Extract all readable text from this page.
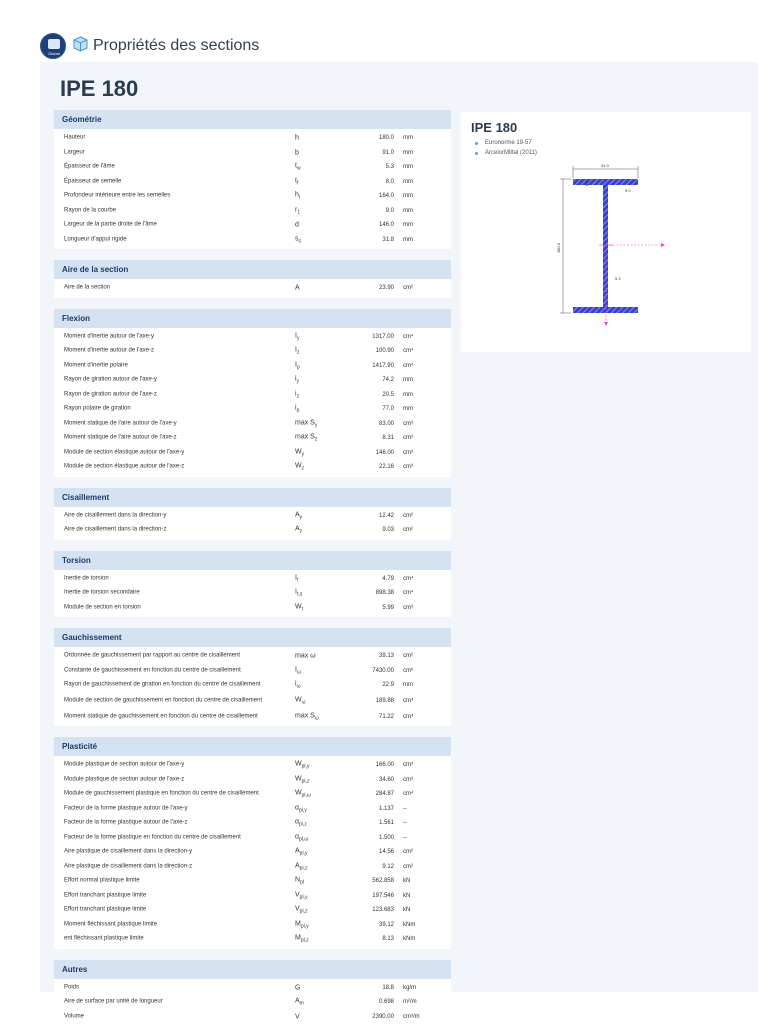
Dlubal	Propriétés des sections
IPE 180
Géométrie
Hauteur	h	180.0 mm
Largeur	b	91.0 mm
Épaisseur de l'âme	$t_w$	5.3 mm
Épaisseur de semelle	$t_f$	8.0 mm
Profondeur intérieure entre les semelles	$h_i$	164.0 mm
Rayon de la courbe	$r_1$	9.0 mm
Largeur de la partie droite de l'âme	d	146.0 mm
Longueur d'appui rigide	$s_s$	31.8 mm
Aire de la section
Aire de la section	A	23.90 cm²
Flexion
Moment d'inertie autour de l'axe-y	$I_y$	1317.00 cm⁴
Moment d'inertie autour de l'axe-z	$I_z$	100.90 cm⁴
Moment d'inertie polaire	$I_p$	1417.90 cm⁴
Rayon de giration autour de l'axe-y	$i_y$	74.2 mm
Rayon de giration autour de l'axe-z	$i_z$	20.5 mm
Rayon polaire de giration	$i_p$	77.0 mm
Moment statique de l'aire autour de l'axe-y	$\max S_y$	83.00 cm³
Moment statique de l'aire autour de l'axe-z	$\max S_z$	8.31 cm³
Module de section élastique autour de l'axe-y	$W_y$	146.00 cm³
Module de section élastique autour de l'axe-z	$W_z$	22.16 cm³
Cisaillement
Aire de cisaillement dans la direction-y	$A_y$	12.42 cm²
Aire de cisaillement dans la direction-z	$A_z$	9.03 cm²
Torsion
Inertie de torsion	$I_t$	4.79 cm⁴
Inertie de torsion secondaire	$I_{t,s}$	898.38 cm⁴
Module de section en torsion	$W_t$	5.99 cm³
Gauchissement
Ordonnée de gauchissement par rapport au centre de cisaillement	max ω	39.13 cm²
Constante de gauchissement en fonction du centre de cisaillement	$I_\omega$	7430.00 cm⁶
Rayon de gauchissement de giration en fonction du centre de cisaillement	$i_\omega$	22.9 mm
Module de section de gauchissement en fonction du centre de cisaillement	$W_\omega$	189.88 cm⁴
Moment statique de gauchissement en fonction du centre de cisaillement	$\max S_\omega$	71.22 cm⁴
Plasticité
Module plastique de section autour de l'axe-y	$W_{pl,y}$	166.00 cm³
Module plastique de section autour de l'axe-z	$W_{pl,z}$	34.60 cm³
Module de gauchissement plastique en fonction du centre de cisaillement	$W_{pl,\omega}$	284.87 cm⁴
Facteur de la forme plastique autour de l'axe-y	$\alpha_{pl,y}$	1.137 --
Facteur de la forme plastique autour de l'axe-z	$\alpha_{pl,z}$	1.561 --
Facteur de la forme plastique en fonction du centre de cisaillement	$\alpha_{pl,\omega}$	1.500 --
Aire plastique de cisaillement dans la direction-y	$A_{pl,y}$	14.56 cm²
Aire plastique de cisaillement dans la direction-z	$A_{pl,z}$	9.12 cm²
Effort normal plastique limite	$N_{pl}$	562.858 kN
Effort tranchant plastique limite	$V_{pl,y}$	197.546 kN
Effort tranchant plastique limite	$V_{pl,z}$	123.683 kN
Moment fléchissant plastique limite	$M_{pl,y}$	39.12 kNm
ent fléchissant plastique limite	$M_{pl,z}$	8.13 kNm
Autres
Poids	G	18.8 kg/m
Aire de surface par unité de longueur	$A_m$	0.698 m²/m
Volume	V	2390.00 cm³/m
IPE 180
Euronorme 19-57
ArcelorMittal (2011)
91.0
180.0
8.0
9.0
5.3
